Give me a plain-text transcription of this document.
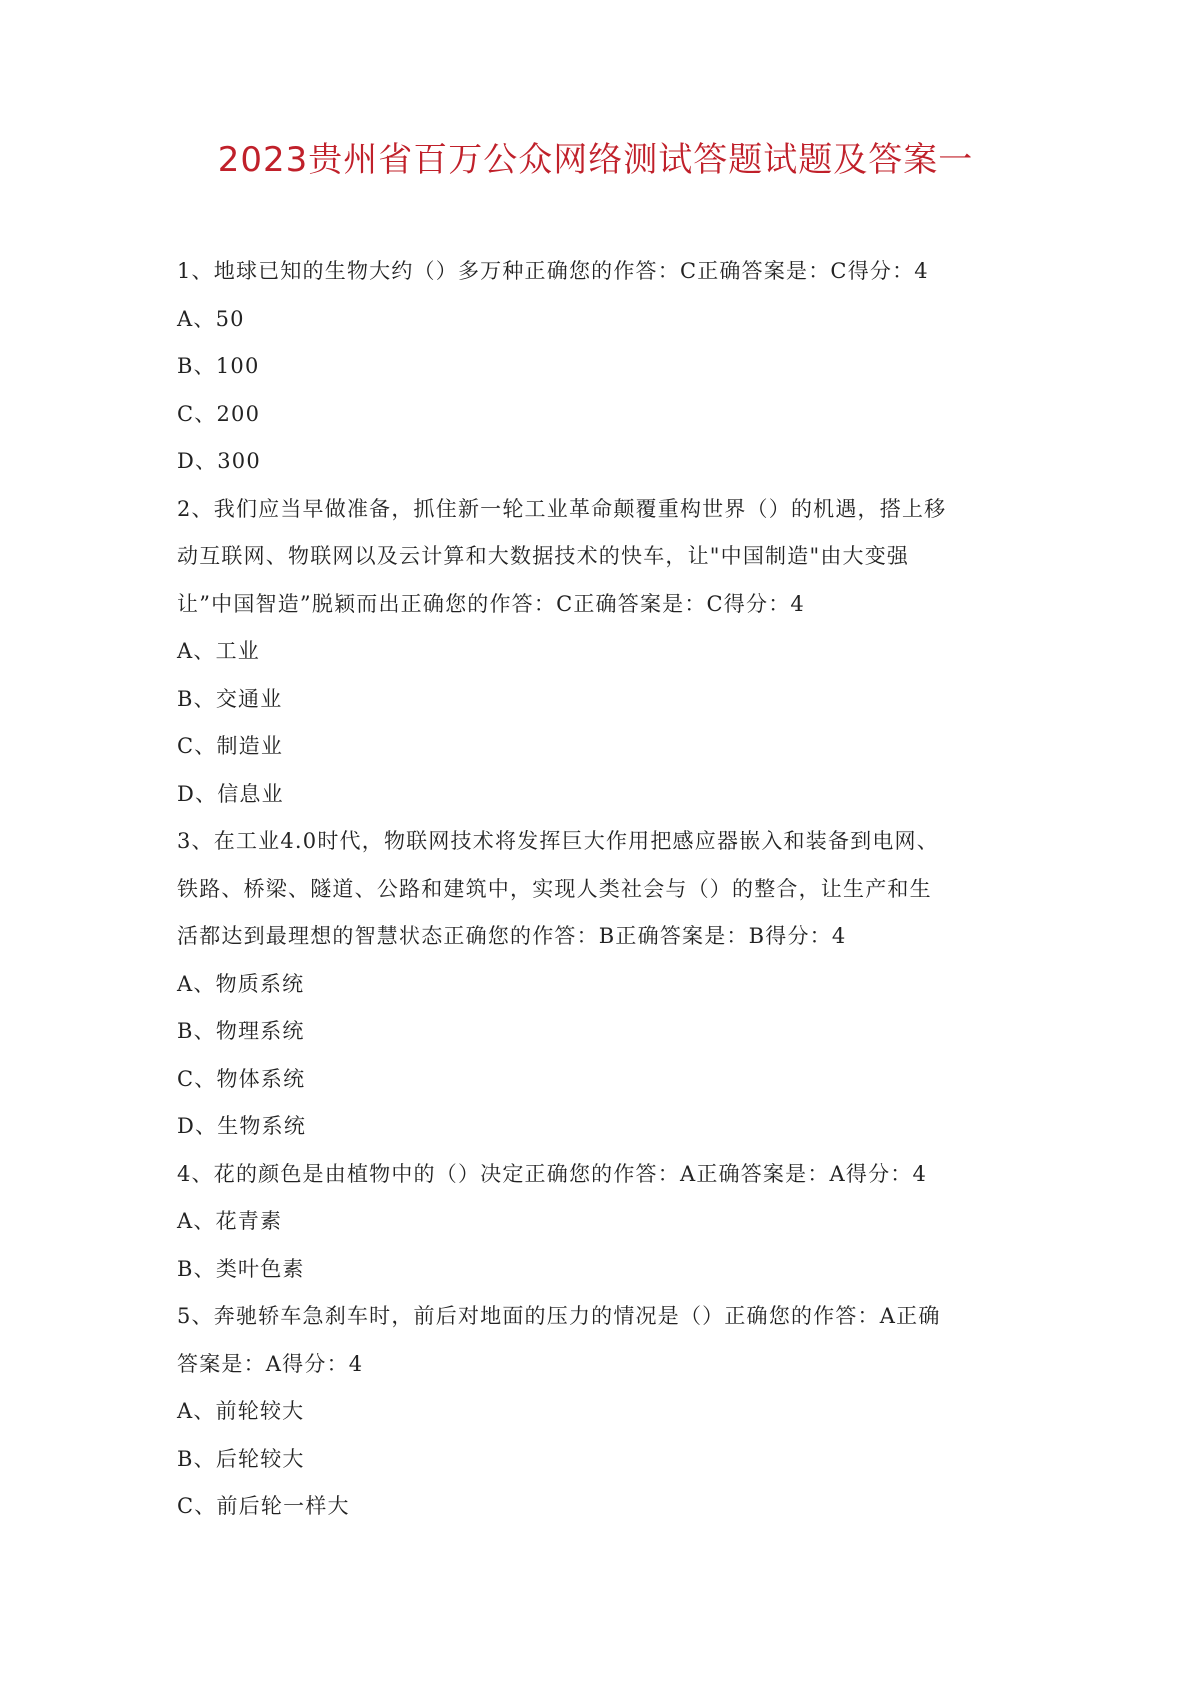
2023贵州省百万公众网络测试答题试题及答案一
1、地球已知的生物大约（）多万种正确您的作答：C正确答案是：C得分：4
A、50
B、100
C、200
D、300
2、我们应当早做准备，抓住新一轮工业革命颠覆重构世界（）的机遇，搭上移
动互联网、物联网以及云计算和大数据技术的快车，让"中国制造"由大变强
让”中国智造”脱颖而出正确您的作答：C正确答案是：C得分：4
A、工业
B、交通业
C、制造业
D、信息业
3、在工业4.0时代，物联网技术将发挥巨大作用把感应器嵌入和装备到电网、
铁路、桥梁、隧道、公路和建筑中，实现人类社会与（）的整合，让生产和生
活都达到最理想的智慧状态正确您的作答：B正确答案是：B得分：4
A、物质系统
B、物理系统
C、物体系统
D、生物系统
4、花的颜色是由植物中的（）决定正确您的作答：A正确答案是：A得分：4
A、花青素
B、类叶色素
5、奔驰轿车急刹车时，前后对地面的压力的情况是（）正确您的作答：A正确
答案是：A得分：4
A、前轮较大
B、后轮较大
C、前后轮一样大
